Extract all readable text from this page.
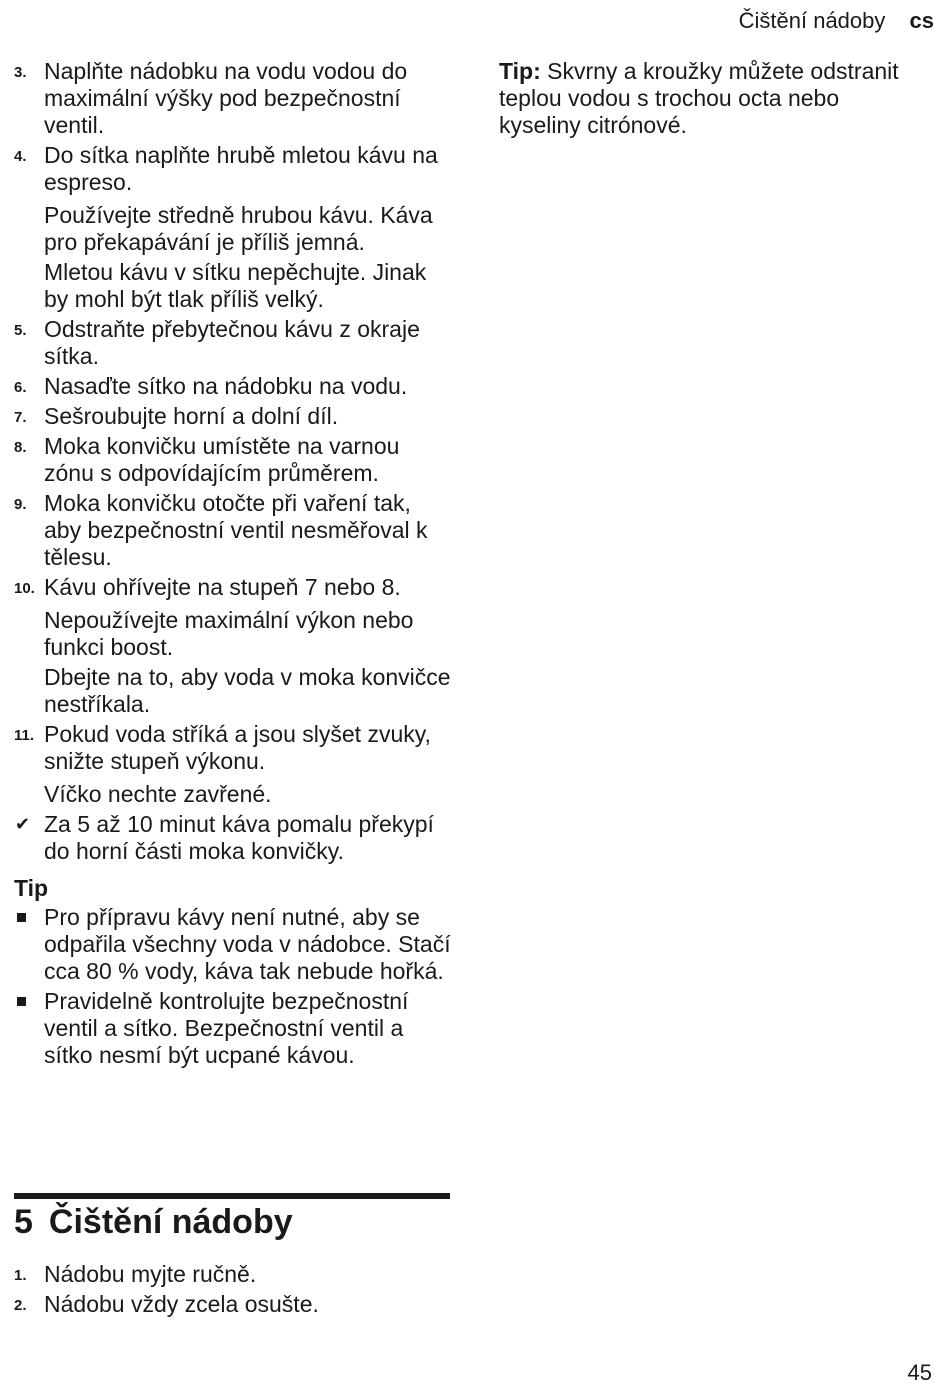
Čištění nádoby cs
3. Naplňte nádobku na vodu vodou do maximální výšky pod bezpečnostní ventil.
4. Do sítka naplňte hrubě mletou kávu na espreso.
Používejte středně hrubou kávu. Káva pro překapávání je příliš jemná.
Mletou kávu v sítku nepěchujte. Jinak by mohl být tlak příliš velký.
5. Odstraňte přebytečnou kávu z okraje sítka.
6. Nasaďte sítko na nádobku na vodu.
7. Sešroubujte horní a dolní díl.
8. Moka konvičku umístěte na varnou zónu s odpovídajícím průměrem.
9. Moka konvičku otočte při vaření tak, aby bezpečnostní ventil nesměřoval k tělesu.
10. Kávu ohřívejte na stupeň 7 nebo 8.
Nepoužívejte maximální výkon nebo funkci boost.
Dbejte na to, aby voda v moka konvičce nestříkala.
11. Pokud voda stříká a jsou slyšet zvuky, snižte stupeň výkonu.
Víčko nechte zavřené.
✔ Za 5 až 10 minut káva pomalu překypí do horní části moka konvičky.
Tip
Pro přípravu kávy není nutné, aby se odpařila všechny voda v nádobce. Stačí cca 80 % vody, káva tak nebude hořká.
Pravidelně kontrolujte bezpečnostní ventil a sítko. Bezpečnostní ventil a sítko nesmí být ucpané kávou.
Tip: Skvrny a kroužky můžete odstranit teplou vodou s trochou octa nebo kyseliny citrónové.
5 Čištění nádoby
1. Nádobu myjte ručně.
2. Nádobu vždy zcela osušte.
45
